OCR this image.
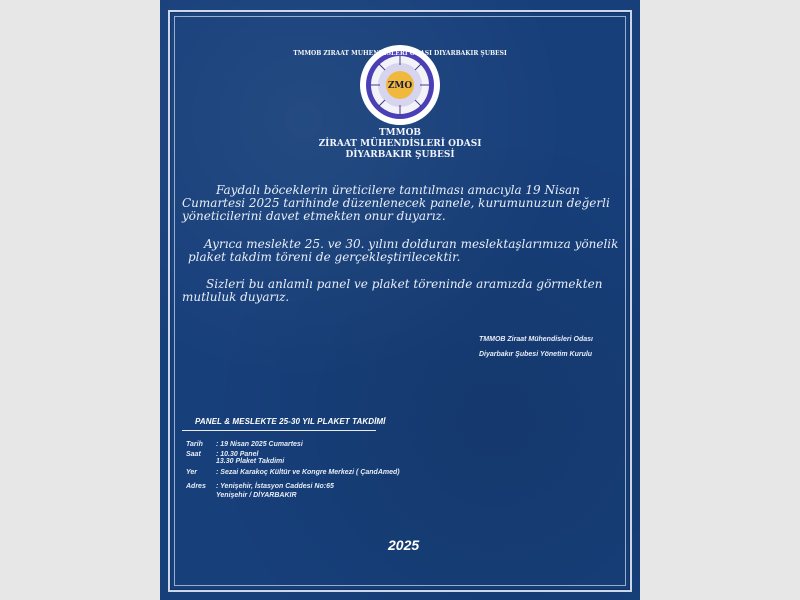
TMMOB ZİRAAT MÜHENDİSLERİ ODASI DİYARBAKIR ŞUBESİ
ZMO
TMMOB
ZİRAAT MÜHENDİSLERİ ODASI
DİYARBAKIR ŞUBESİ
Faydalı böceklerin üreticilere tanıtılması amacıyla 19 Nisan
Cumartesi 2025 tarihinde düzenlenecek panele, kurumunuzun değerli
yöneticilerini davet etmekten onur duyarız.
Ayrıca meslekte 25. ve 30. yılını dolduran meslektaşlarımıza yönelik
plaket takdim töreni de gerçekleştirilecektir.
Sizleri bu anlamlı panel ve plaket töreninde aramızda görmekten
mutluluk duyarız.
TMMOB Ziraat Mühendisleri Odası
Diyarbakır Şubesi Yönetim Kurulu
PANEL & MESLEKTE 25-30 YIL PLAKET TAKDİMİ
Tarih : 19 Nisan 2025 Cumartesi
Saat : 10.30 Panel
13.30 Plaket Takdimi
Yer	: Sezai Karakoç Kültür ve Kongre Merkezi ( ÇandAmed)
Adres : Yenişehir, İstasyon Caddesi No:65
Yenişehir / DİYARBAKIR
2025
